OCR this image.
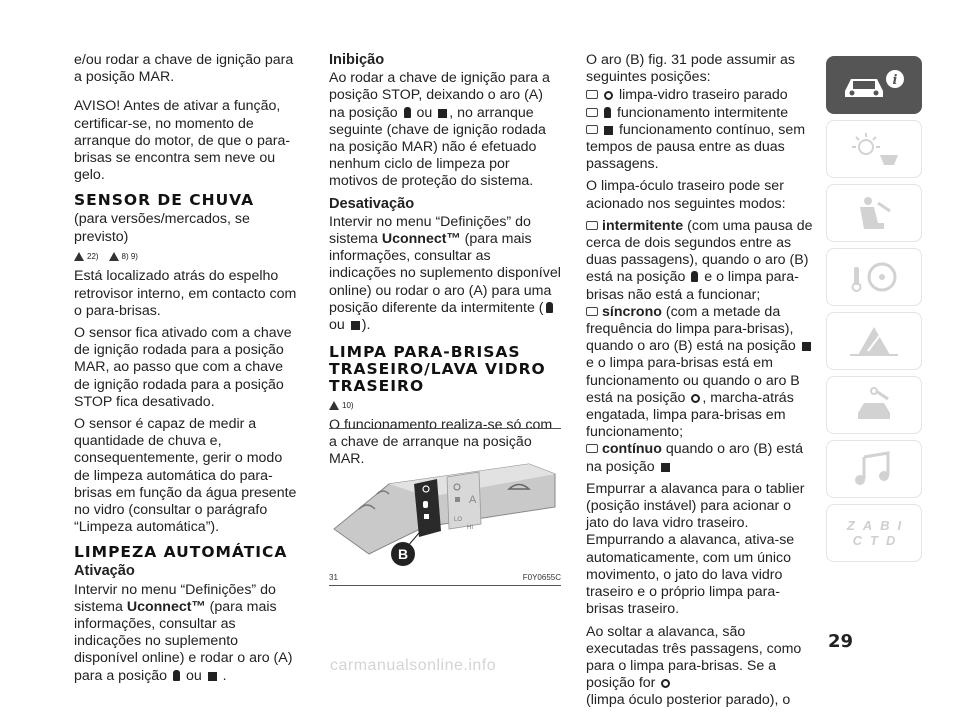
e/ou rodar a chave de ignição para a posição MAR.

AVISO! Antes de ativar a função, certificar-se, no momento de arranque do motor, de que o para-brisas se encontra sem neve ou gelo.

SENSOR DE CHUVA

(para versões/mercados, se previsto)

22)
	8) 9)

Está localizado atrás do espelho retrovisor interno, em contacto com o para-brisas.

O sensor fica ativado com a chave de ignição rodada para a posição MAR, ao passo que com a chave de ignição rodada para a posição STOP fica desativado.

O sensor é capaz de medir a quantidade de chuva e, consequentemente, gerir o modo de limpeza automática do para-brisas em função da água presente no vidro (consultar o parágrafo “Limpeza automática”).

LIMPEZA AUTOMÁTICA
Ativação

Intervir no menu “Definições” do sistema Uconnect™ (para mais informações, consultar as indicações no suplemento disponível online) e rodar o aro (A) para a posição  ou  .

Inibição

Ao rodar a chave de ignição para a posição STOP, deixando o aro (A) na posição  ou , no arranque seguinte (chave de ignição rodada na posição MAR) não é efetuado nenhum ciclo de limpeza por motivos de proteção do sistema.

Desativação

Intervir no menu “Definições” do sistema Uconnect™ (para mais informações, consultar as indicações no suplemento disponível online) ou rodar o aro (A) para uma posição diferente da intermitente ( ou ).

LIMPA PARA-BRISAS TRASEIRO/LAVA VIDRO TRASEIRO
10)

O funcionamento realiza-se só com a chave de arranque na posição MAR.

LO
A
HI
B
31	F0Y0655C

O aro (B) fig. 31 pode assumir as seguintes posições:

limpa-vidro traseiro parado
funcionamento intermitente

funcionamento contínuo, sem tempos de pausa entre as duas passagens.

O limpa-óculo traseiro pode ser acionado nos seguintes modos:

intermitente (com uma pausa de cerca de dois segundos entre as duas passagens), quando o aro (B) está na posição  e o limpa para-brisas não está a funcionar;
síncrono (com a metade da frequência do limpa para-brisas), quando o aro (B) está na posição  e o limpa para-brisas está em funcionamento ou quando o aro B está na posição , marcha-atrás engatada, limpa para-brisas em funcionamento;

contínuo quando o aro (B) está na posição

Empurrar a alavanca para o tablier (posição instável) para acionar o jato do lava vidro traseiro. Empurrando a alavanca, ativa-se automaticamente, com um único movimento, o jato do lava vidro traseiro e o próprio limpa para-brisas traseiro.

Ao soltar a alavanca, são executadas três passagens, como para o limpa para-brisas. Se a posição for
(limpa óculo posterior parado), o

i
Z A B I
C T D
29
carmanualsonline.info
